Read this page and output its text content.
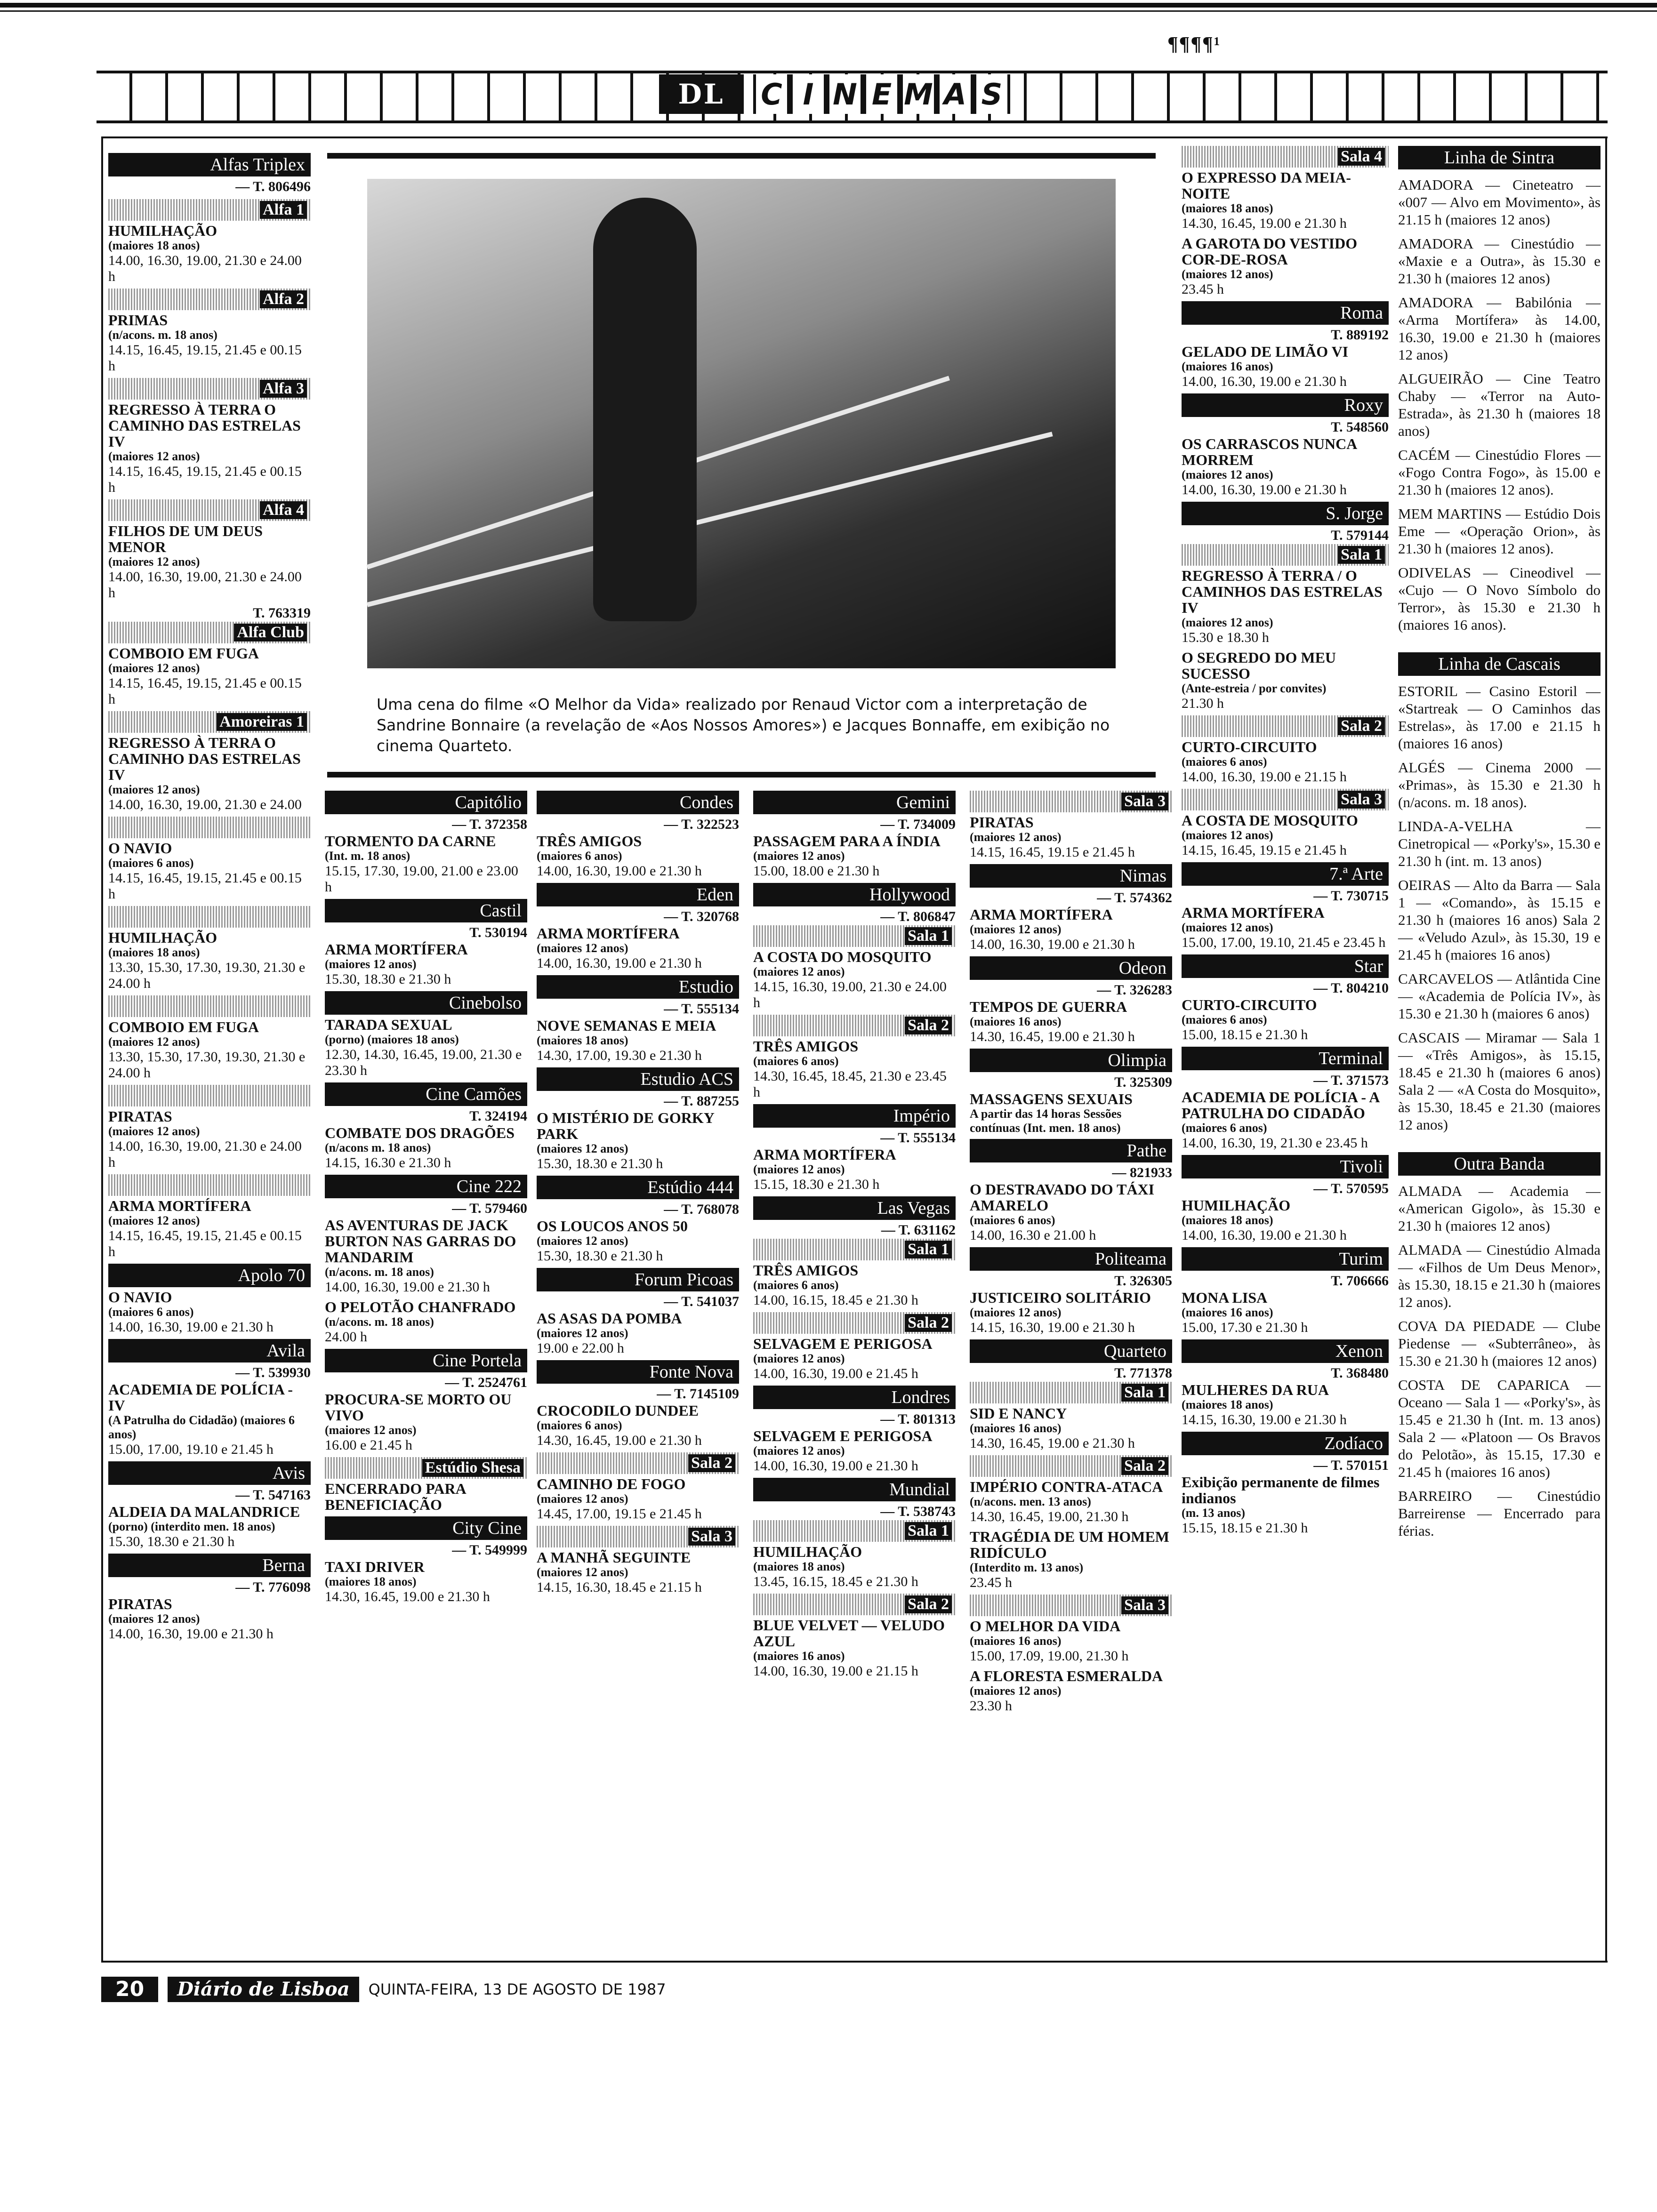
¶¶¶¶¹
DL	C I N E M A S
Uma cena do filme «O Melhor da Vida» realizado por Renaud Victor com a interpretação de Sandrine Bonnaire (a revelação de «Aos Nossos Amores») e Jacques Bonnaffe, em exibição no cinema Quarteto.
Alfas Triplex
— T. 806496
Alfa 1
HUMILHAÇÃO
(maiores 18 anos)
14.00, 16.30, 19.00, 21.30 e 24.00 h
Alfa 2
PRIMAS
(n/acons. m. 18 anos)
14.15, 16.45, 19.15, 21.45 e 00.15 h
Alfa 3
REGRESSO À TERRA O CAMINHO DAS ESTRELAS IV
(maiores 12 anos)
14.15, 16.45, 19.15, 21.45 e 00.15 h
Alfa 4
FILHOS DE UM DEUS MENOR
(maiores 12 anos)
14.00, 16.30, 19.00, 21.30 e 24.00 h
T. 763319
Alfa Club
COMBOIO EM FUGA
(maiores 12 anos)
14.15, 16.45, 19.15, 21.45 e 00.15 h
Amoreiras 1
REGRESSO À TERRA O CAMINHO DAS ESTRELAS IV
(maiores 12 anos)
14.00, 16.30, 19.00, 21.30 e 24.00
O NAVIO
(maiores 6 anos)
14.15, 16.45, 19.15, 21.45 e 00.15 h
HUMILHAÇÃO
(maiores 18 anos)
13.30, 15.30, 17.30, 19.30, 21.30 e 24.00 h
COMBOIO EM FUGA
(maiores 12 anos)
13.30, 15.30, 17.30, 19.30, 21.30 e 24.00 h
PIRATAS
(maiores 12 anos)
14.00, 16.30, 19.00, 21.30 e 24.00 h
ARMA MORTÍFERA
(maiores 12 anos)
14.15, 16.45, 19.15, 21.45 e 00.15 h
Apolo 70
O NAVIO
(maiores 6 anos)
14.00, 16.30, 19.00 e 21.30 h
Avila
— T. 539930
ACADEMIA DE POLÍCIA - IV
(A Patrulha do Cidadão) (maiores 6 anos)
15.00, 17.00, 19.10 e 21.45 h
Avis
— T. 547163
ALDEIA DA MALANDRICE
(porno) (interdito men. 18 anos)
15.30, 18.30 e 21.30 h
Berna
— T. 776098
PIRATAS
(maiores 12 anos)
14.00, 16.30, 19.00 e 21.30 h
Capitólio
— T. 372358
TORMENTO DA CARNE
(Int. m. 18 anos)
15.15, 17.30, 19.00, 21.00 e 23.00 h
Castil
T. 530194
ARMA MORTÍFERA
(maiores 12 anos)
15.30, 18.30 e 21.30 h
Cinebolso
TARADA SEXUAL
(porno) (maiores 18 anos)
12.30, 14.30, 16.45, 19.00, 21.30 e 23.30 h
Cine Camões
T. 324194
COMBATE DOS DRAGÕES
(n/acons m. 18 anos)
14.15, 16.30 e 21.30 h
Cine 222
— T. 579460
AS AVENTURAS DE JACK BURTON NAS GARRAS DO MANDARIM
(n/acons. m. 18 anos)
14.00, 16.30, 19.00 e 21.30 h
O PELOTÃO CHANFRADO
(n/acons. m. 18 anos)
24.00 h
Cine Portela
— T. 2524761
PROCURA-SE MORTO OU VIVO
(maiores 12 anos)
16.00 e 21.45 h
Estúdio Shesa
ENCERRADO PARA BENEFICIAÇÃO
City Cine
— T. 549999
TAXI DRIVER
(maiores 18 anos)
14.30, 16.45, 19.00 e 21.30 h
Condes
— T. 322523
TRÊS AMIGOS
(maiores 6 anos)
14.00, 16.30, 19.00 e 21.30 h
Eden
— T. 320768
ARMA MORTÍFERA
(maiores 12 anos)
14.00, 16.30, 19.00 e 21.30 h
Estudio
— T. 555134
NOVE SEMANAS E MEIA
(maiores 18 anos)
14.30, 17.00, 19.30 e 21.30 h
Estudio ACS
— T. 887255
O MISTÉRIO DE GORKY PARK
(maiores 12 anos)
15.30, 18.30 e 21.30 h
Estúdio 444
— T. 768078
OS LOUCOS ANOS 50
(maiores 12 anos)
15.30, 18.30 e 21.30 h
Forum Picoas
— T. 541037
AS ASAS DA POMBA
(maiores 12 anos)
19.00 e 22.00 h
Fonte Nova
— T. 7145109
CROCODILO DUNDEE
(maiores 6 anos)
14.30, 16.45, 19.00 e 21.30 h
Sala 2
CAMINHO DE FOGO
(maiores 12 anos)
14.45, 17.00, 19.15 e 21.45 h
Sala 3
A MANHÃ SEGUINTE
(maiores 12 anos)
14.15, 16.30, 18.45 e 21.15 h
Gemini
— T. 734009
PASSAGEM PARA A ÍNDIA
(maiores 12 anos)
15.00, 18.00 e 21.30 h
Hollywood
— T. 806847
Sala 1
A COSTA DO MOSQUITO
(maiores 12 anos)
14.15, 16.30, 19.00, 21.30 e 24.00 h
Sala 2
TRÊS AMIGOS
(maiores 6 anos)
14.30, 16.45, 18.45, 21.30 e 23.45 h
Império
— T. 555134
ARMA MORTÍFERA
(maiores 12 anos)
15.15, 18.30 e 21.30 h
Las Vegas
— T. 631162
Sala 1
TRÊS AMIGOS
(maiores 6 anos)
14.00, 16.15, 18.45 e 21.30 h
Sala 2
SELVAGEM E PERIGOSA
(maiores 12 anos)
14.00, 16.30, 19.00 e 21.45 h
Londres
— T. 801313
SELVAGEM E PERIGOSA
(maiores 12 anos)
14.00, 16.30, 19.00 e 21.30 h
Mundial
— T. 538743
Sala 1
HUMILHAÇÃO
(maiores 18 anos)
13.45, 16.15, 18.45 e 21.30 h
Sala 2
BLUE VELVET — VELUDO AZUL
(maiores 16 anos)
14.00, 16.30, 19.00 e 21.15 h
Sala 3
PIRATAS
(maiores 12 anos)
14.15, 16.45, 19.15 e 21.45 h
Nimas
— T. 574362
ARMA MORTÍFERA
(maiores 12 anos)
14.00, 16.30, 19.00 e 21.30 h
Odeon
— T. 326283
TEMPOS DE GUERRA
(maiores 16 anos)
14.30, 16.45, 19.00 e 21.30 h
Olimpia
T. 325309
MASSAGENS SEXUAIS
A partir das 14 horas Sessões contínuas (Int. men. 18 anos)
Pathe
— 821933
O DESTRAVADO DO TÁXI AMARELO
(maiores 6 anos)
14.00, 16.30 e 21.00 h
Politeama
T. 326305
JUSTICEIRO SOLITÁRIO
(maiores 12 anos)
14.15, 16.30, 19.00 e 21.30 h
Quarteto
T. 771378
Sala 1
SID E NANCY
(maiores 16 anos)
14.30, 16.45, 19.00 e 21.30 h
Sala 2
IMPÉRIO CONTRA-ATACA
(n/acons. men. 13 anos)
14.30, 16.45, 19.00, 21.30 h
TRAGÉDIA DE UM HOMEM RIDÍCULO
(Interdito m. 13 anos)
23.45 h
Sala 3
O MELHOR DA VIDA
(maiores 16 anos)
15.00, 17.09, 19.00, 21.30 h
A FLORESTA ESMERALDA
(maiores 12 anos)
23.30 h
Sala 4
O EXPRESSO DA MEIA-NOITE
(maiores 18 anos)
14.30, 16.45, 19.00 e 21.30 h
A GAROTA DO VESTIDO COR-DE-ROSA
(maiores 12 anos)
23.45 h
Roma
T. 889192
GELADO DE LIMÃO VI
(maiores 16 anos)
14.00, 16.30, 19.00 e 21.30 h
Roxy
T. 548560
OS CARRASCOS NUNCA MORREM
(maiores 12 anos)
14.00, 16.30, 19.00 e 21.30 h
S. Jorge
T. 579144
Sala 1
REGRESSO À TERRA / O CAMINHOS DAS ESTRELAS IV
(maiores 12 anos)
15.30 e 18.30 h
O SEGREDO DO MEU SUCESSO
(Ante-estreia / por convites)
21.30 h
Sala 2
CURTO-CIRCUITO
(maiores 6 anos)
14.00, 16.30, 19.00 e 21.15 h
Sala 3
A COSTA DE MOSQUITO
(maiores 12 anos)
14.15, 16.45, 19.15 e 21.45 h
7.ª Arte
— T. 730715
ARMA MORTÍFERA
(maiores 12 anos)
15.00, 17.00, 19.10, 21.45 e 23.45 h
Star
— T. 804210
CURTO-CIRCUITO
(maiores 6 anos)
15.00, 18.15 e 21.30 h
Terminal
— T. 371573
ACADEMIA DE POLÍCIA - A PATRULHA DO CIDADÃO
(maiores 6 anos)
14.00, 16.30, 19, 21.30 e 23.45 h
Tivoli
— T. 570595
HUMILHAÇÃO
(maiores 18 anos)
14.00, 16.30, 19.00 e 21.30 h
Turim
T. 706666
MONA LISA
(maiores 16 anos)
15.00, 17.30 e 21.30 h
Xenon
T. 368480
MULHERES DA RUA
(maiores 18 anos)
14.15, 16.30, 19.00 e 21.30 h
Zodíaco
— T. 570151
Exibição permanente de filmes indianos
(m. 13 anos)
15.15, 18.15 e 21.30 h
Linha de Sintra
AMADORA — Cineteatro — «007 — Alvo em Movimento», às 21.15 h (maiores 12 anos)
AMADORA — Cinestúdio — «Maxie e a Outra», às 15.30 e 21.30 h (maiores 12 anos)
AMADORA — Babilónia — «Arma Mortífera» às 14.00, 16.30, 19.00 e 21.30 h (maiores 12 anos)
ALGUEIRÃO — Cine Teatro Chaby — «Terror na Auto-Estrada», às 21.30 h (maiores 18 anos)
CACÉM — Cinestúdio Flores — «Fogo Contra Fogo», às 15.00 e 21.30 h (maiores 12 anos).
MEM MARTINS — Estúdio Dois Eme — «Operação Orion», às 21.30 h (maiores 12 anos).
ODIVELAS — Cineodivel — «Cujo — O Novo Símbolo do Terror», às 15.30 e 21.30 h (maiores 16 anos).
Linha de Cascais
ESTORIL — Casino Estoril — «Startreak — O Caminhos das Estrelas», às 17.00 e 21.15 h (maiores 16 anos)
ALGÉS — Cinema 2000 — «Primas», às 15.30 e 21.30 h (n/acons. m. 18 anos).
LINDA-A-VELHA — Cinetropical — «Porky's», 15.30 e 21.30 h (int. m. 13 anos)
OEIRAS — Alto da Barra — Sala 1 — «Comando», às 15.15 e 21.30 h (maiores 16 anos) Sala 2 — «Veludo Azul», às 15.30, 19 e 21.45 h (maiores 16 anos)
CARCAVELOS — Atlântida Cine — «Academia de Polícia IV», às 15.30 e 21.30 h (maiores 6 anos)
CASCAIS — Miramar — Sala 1 — «Três Amigos», às 15.15, 18.45 e 21.30 h (maiores 6 anos) Sala 2 — «A Costa do Mosquito», às 15.30, 18.45 e 21.30 (maiores 12 anos)
Outra Banda
ALMADA — Academia — «American Gigolo», às 15.30 e 21.30 h (maiores 12 anos)
ALMADA — Cinestúdio Almada — «Filhos de Um Deus Menor», às 15.30, 18.15 e 21.30 h (maiores 12 anos).
COVA DA PIEDADE — Clube Piedense — «Subterrâneo», às 15.30 e 21.30 h (maiores 12 anos)
COSTA DE CAPARICA — Oceano — Sala 1 — «Porky's», às 15.45 e 21.30 h (Int. m. 13 anos) Sala 2 — «Platoon — Os Bravos do Pelotão», às 15.15, 17.30 e 21.45 h (maiores 16 anos)
BARREIRO — Cinestúdio Barreirense — Encerrado para férias.
20	Diário de Lisboa	QUINTA-FEIRA, 13 DE AGOSTO DE 1987
